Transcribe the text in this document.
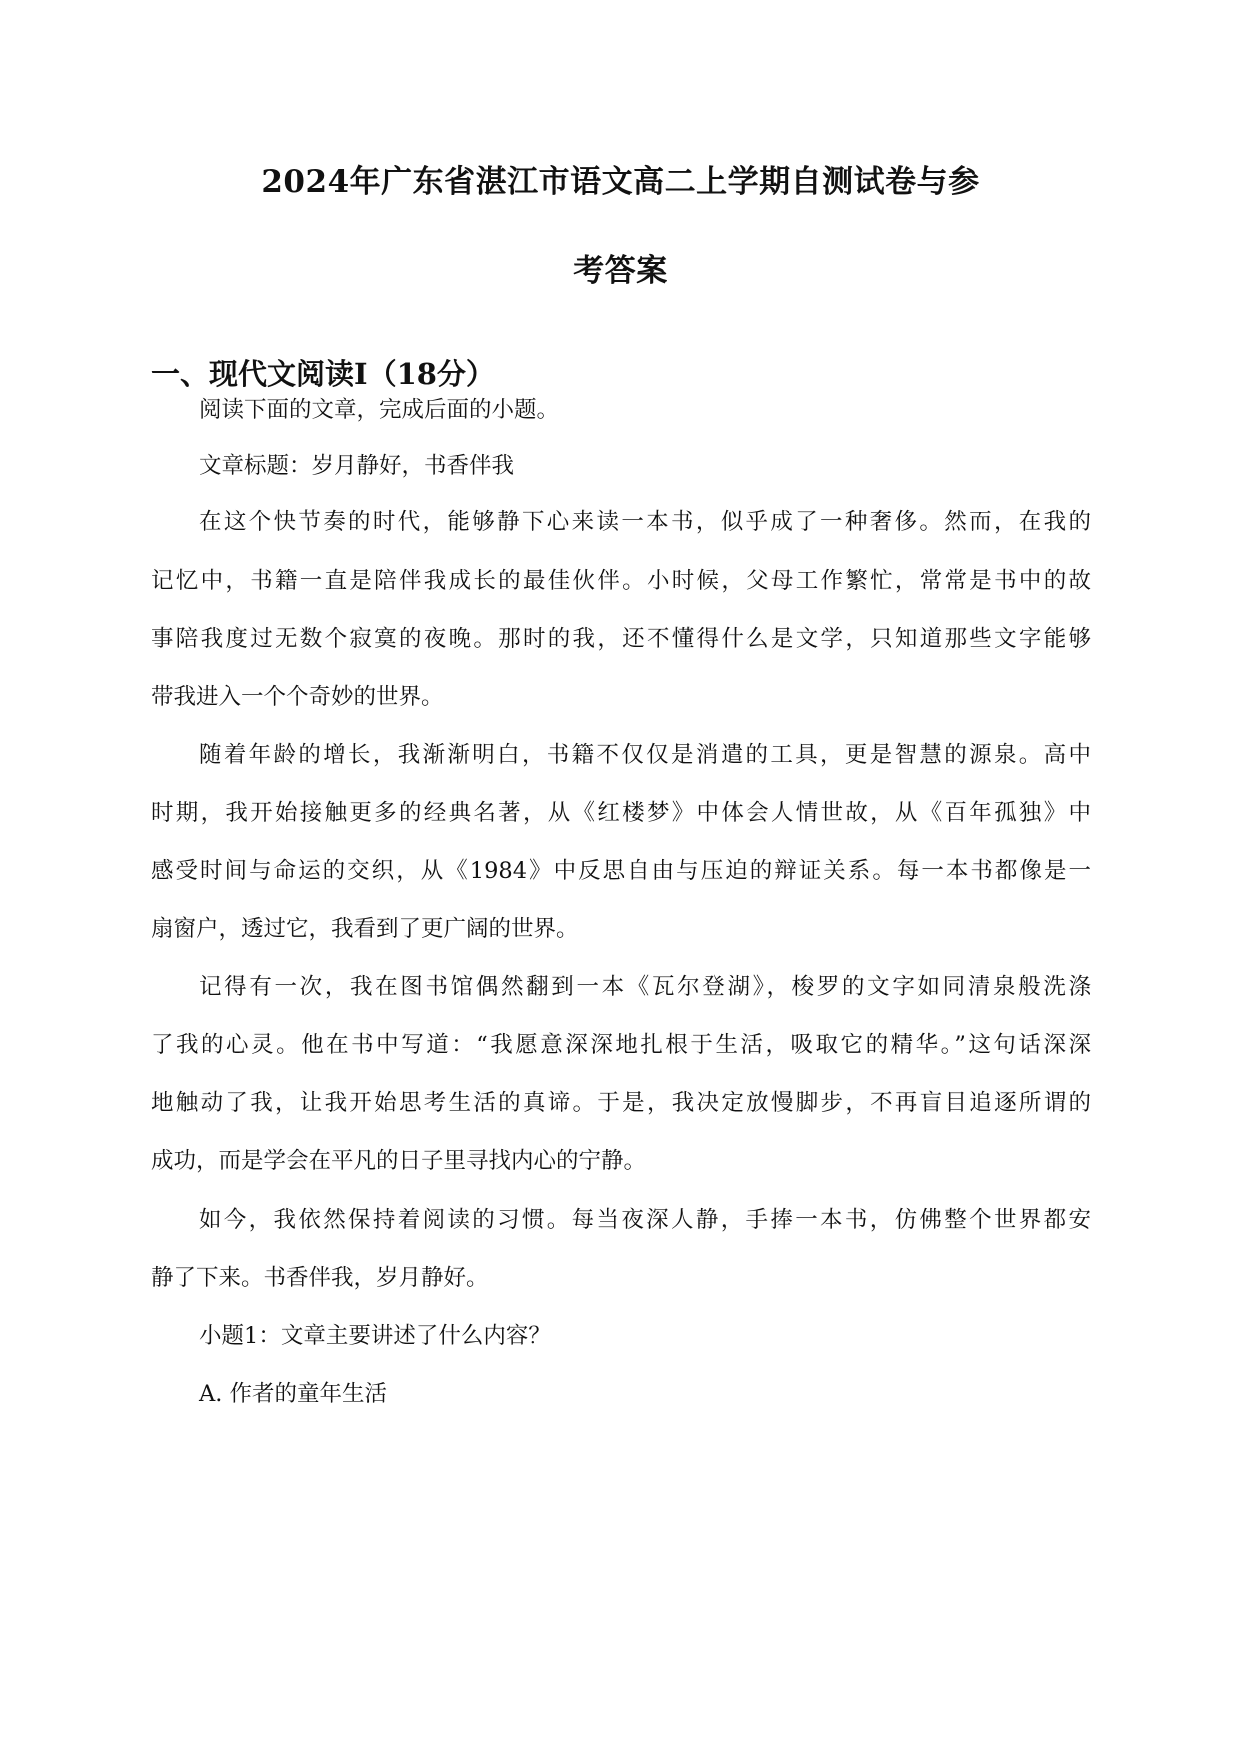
2024年广东省湛江市语文高二上学期自测试卷与参
考答案
一、现代文阅读Ⅰ（18分）
阅读下面的文章，完成后面的小题。
文章标题：岁月静好，书香伴我
在这个快节奏的时代，能够静下心来读一本书，似乎成了一种奢侈。然而，在我的
记忆中，书籍一直是陪伴我成长的最佳伙伴。小时候，父母工作繁忙，常常是书中的故
事陪我度过无数个寂寞的夜晚。那时的我，还不懂得什么是文学，只知道那些文字能够
带我进入一个个奇妙的世界。
随着年龄的增长，我渐渐明白，书籍不仅仅是消遣的工具，更是智慧的源泉。高中
时期，我开始接触更多的经典名著，从《红楼梦》中体会人情世故，从《百年孤独》中
感受时间与命运的交织，从《1984》中反思自由与压迫的辩证关系。每一本书都像是一
扇窗户，透过它，我看到了更广阔的世界。
记得有一次，我在图书馆偶然翻到一本《瓦尔登湖》，梭罗的文字如同清泉般洗涤
了我的心灵。他在书中写道：“我愿意深深地扎根于生活，吸取它的精华。”这句话深深
地触动了我，让我开始思考生活的真谛。于是，我决定放慢脚步，不再盲目追逐所谓的
成功，而是学会在平凡的日子里寻找内心的宁静。
如今，我依然保持着阅读的习惯。每当夜深人静，手捧一本书，仿佛整个世界都安
静了下来。书香伴我，岁月静好。
小题1：文章主要讲述了什么内容？
A. 作者的童年生活
